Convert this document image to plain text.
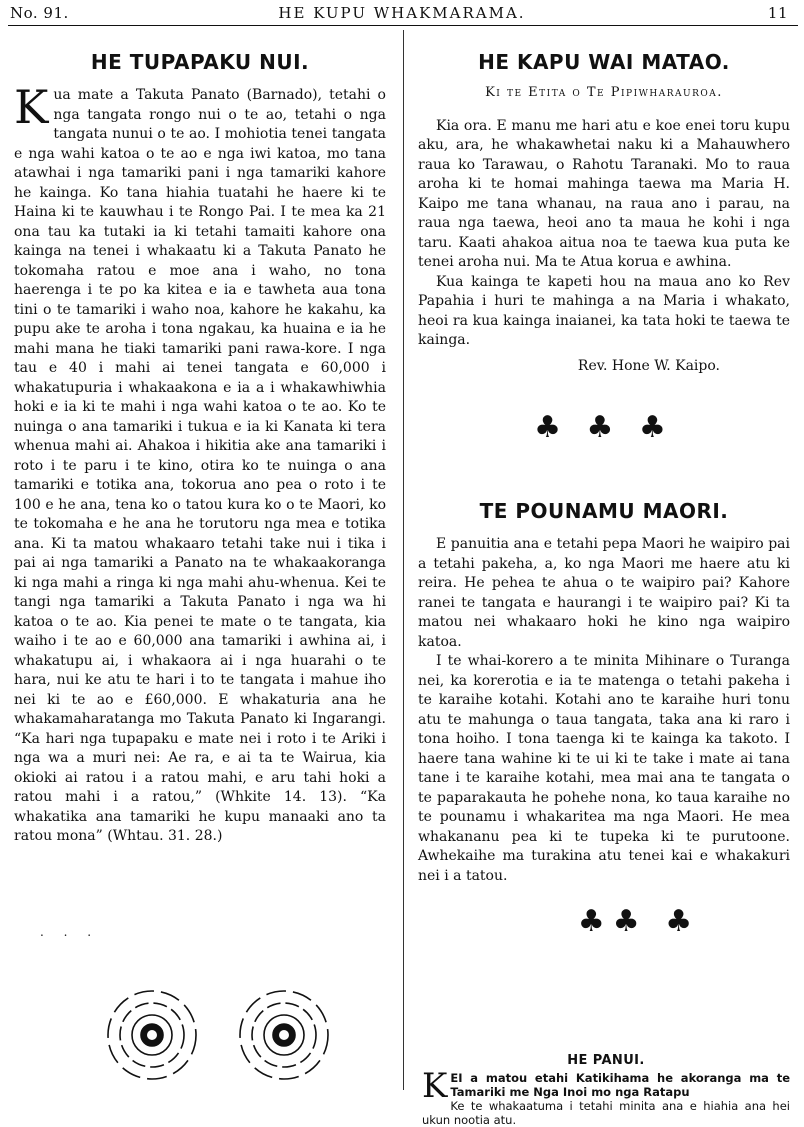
No. 91.	HE KUPU WHAKMARAMA.	11
HE TUPAPAKU NUI.

Kua mate a Takuta Panato (Barnado), tetahi o nga tangata rongo nui o te ao, tetahi o nga tangata nunui o te ao. I mohiotia tenei tangata e nga wahi katoa o te ao e nga iwi katoa, mo tana atawhai i nga tamariki pani i nga tamariki kahore he kainga. Ko tana hiahia tuatahi he haere ki te Haina ki te kauwhau i te Rongo Pai. I te mea ka 21 ona tau ka tutaki ia ki tetahi tamaiti kahore ona kainga na tenei i whakaatu ki a Takuta Panato he tokomaha ratou e moe ana i waho, no tona haerenga i te po ka kitea e ia e tawheta aua tona tini o te tamariki i waho noa, kahore he kakahu, ka pupu ake te aroha i tona ngakau, ka huaina e ia he mahi mana he tiaki tamariki pani rawa-kore. I nga tau e 40 i mahi ai tenei tangata e 60,000 i whakatupuria i whakaakona e ia a i whakawhiwhia hoki e ia ki te mahi i nga wahi katoa o te ao. Ko te nuinga o ana tamariki i tukua e ia ki Kanata ki tera whenua mahi ai. Ahakoa i hikitia ake ana tamariki i roto i te paru i te kino, otira ko te nuinga o ana tamariki e totika ana, tokorua ano pea o roto i te 100 e he ana, tena ko o tatou kura ko o te Maori, ko te tokomaha e he ana he torutoru nga mea e totika ana. Ki ta matou whakaaro tetahi take nui i tika i pai ai nga tamariki a Panato na te whakaakoranga ki nga mahi a ringa ki nga mahi ahu-whenua. Kei te tangi nga tamariki a Takuta Panato i nga wa hi katoa o te ao. Kia penei te mate o te tangata, kia waiho i te ao e 60,000 ana tamariki i awhina ai, i whakatupu ai, i whakaora ai i nga huarahi o te hara, nui ke atu te hari i to te tangata i mahue iho nei ki te ao e £60,000. E whakaturia ana he whakamaharatanga mo Takuta Panato ki Ingarangi. “Ka hari nga tupapaku e mate nei i roto i te Ariki i nga wa a muri nei: Ae ra, e ai ta te Wairua, kia okioki ai ratou i a ratou mahi, e aru tahi hoki a ratou mahi i a ratou,” (Whkite 14. 13). “Ka whakatika ana tamariki he kupu manaaki ano ta ratou mona” (Whtau. 31. 28.)

. . .
HE KAPU WAI MATAO.

Ki te Etita o Te Pipiwharauroa.

Kia ora. E manu me hari atu e koe enei toru kupu aku, ara, he whakawhetai naku ki a Mahauwhero raua ko Tarawau, o Rahotu Taranaki. Mo to raua aroha ki te homai mahinga taewa ma Maria H. Kaipo me tana whanau, na raua ano i parau, na raua nga taewa, heoi ano ta maua he kohi i nga taru. Kaati ahakoa aitua noa te taewa kua puta ke tenei aroha nui. Ma te Atua korua e awhina.

Kua kainga te kapeti hou na maua ano ko Rev Papahia i huri te mahinga a na Maria i whakato, heoi ra kua kainga inaianei, ka tata hoki te taewa te kainga.

Rev. Hone W. Kaipo.

♣ ♣ ♣
TE POUNAMU MAORI.

E panuitia ana e tetahi pepa Maori he waipiro pai a tetahi pakeha, a, ko nga Maori me haere atu ki reira. He pehea te ahua o te waipiro pai? Kahore ranei te tangata e haurangi i te waipiro pai? Ki ta matou nei whakaaro hoki he kino nga waipiro katoa.

I te whai-korero a te minita Mihinare o Turanga nei, ka korerotia e ia te matenga o tetahi pakeha i te karaihe kotahi. Kotahi ano te karaihe huri tonu atu te mahunga o taua tangata, taka ana ki raro i tona hoiho. I tona taenga ki te kainga ka takoto. I haere tana wahine ki te ui ki te take i mate ai tana tane i te karaihe kotahi, mea mai ana te tangata o te paparakauta he pohehe nona, ko taua karaihe no te pounamu i whakaritea ma nga Maori. He mea whakananu pea ki te tupeka ki te purutoone. Awhekaihe ma turakina atu tenei kai e whakakuri nei i a tatou.

♣♣ ♣
HE PANUI.

KEI a matou etahi Katikihama he akoranga ma te Tamariki me Nga Inoi mo nga Ratapu
Ke te whakaatuma i tetahi minita ana e hiahia ana hei ukun nootia atu.
